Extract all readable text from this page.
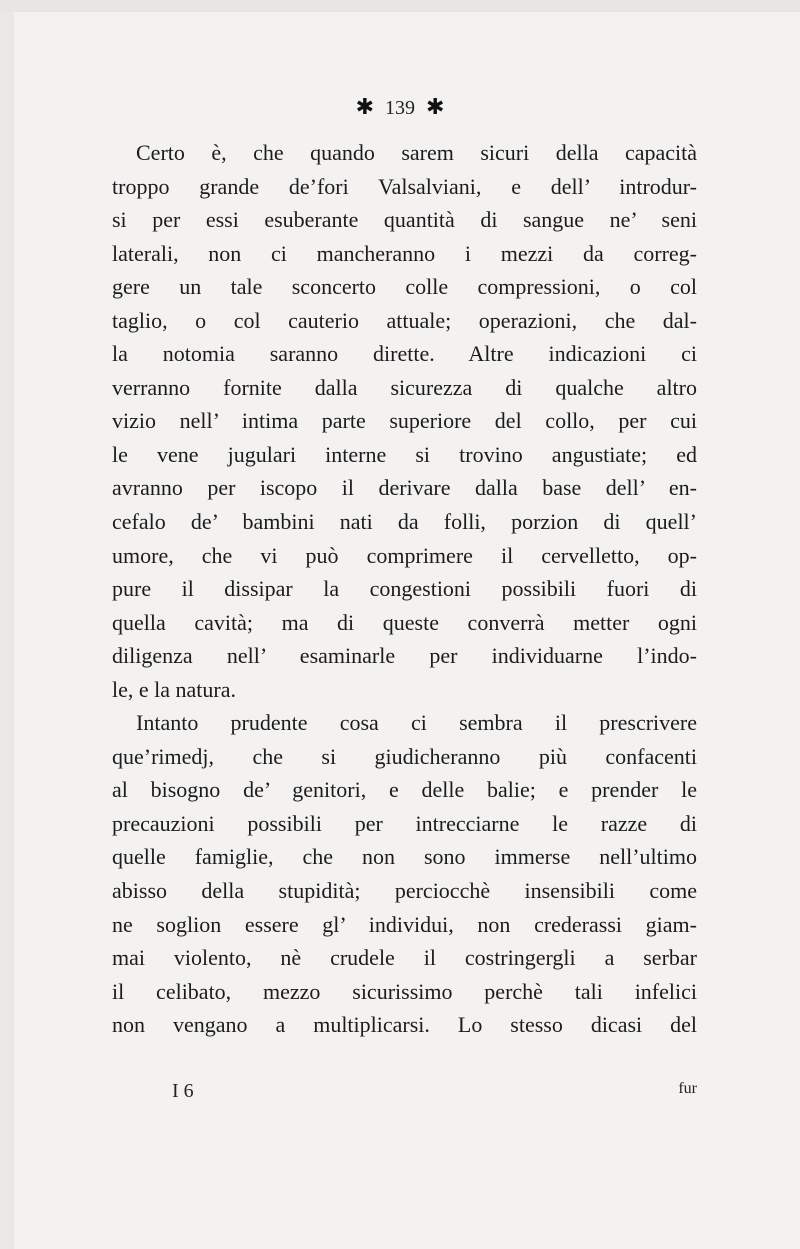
✱ 139 ✱
Certo è, che quando sarem sicuri della capacità
troppo grande de’fori Valsalviani, e dell’ introdur-
si per essi esuberante quantità di sangue ne’ seni
laterali, non ci mancheranno i mezzi da correg-
gere un tale sconcerto colle compressioni, o col
taglio, o col cauterio attuale; operazioni, che dal-
la notomia saranno dirette. Altre indicazioni ci
verranno fornite dalla sicurezza di qualche altro
vizio nell’ intima parte superiore del collo, per cui
le vene jugulari interne si trovino angustiate; ed
avranno per iscopo il derivare dalla base dell’ en-
cefalo de’ bambini nati da folli, porzion di quell’
umore, che vi può comprimere il cervelletto, op-
pure il dissipar la congestioni possibili fuori di
quella cavità; ma di queste converrà metter ogni
diligenza nell’ esaminarle per individuarne l’indo-
le, e la natura.
Intanto prudente cosa ci sembra il prescrivere
que’rimedj, che si giudicheranno più confacenti
al bisogno de’ genitori, e delle balie; e prender le
precauzioni possibili per intrecciarne le razze di
quelle famiglie, che non sono immerse nell’ultimo
abisso della stupidità; perciocchè insensibili come
ne soglion essere gl’ individui, non crederassi giam-
mai violento, nè crudele il costringergli a serbar
il celibato, mezzo sicurissimo perchè tali infelici
non vengano a multiplicarsi. Lo stesso dicasi del
I 6	fur
